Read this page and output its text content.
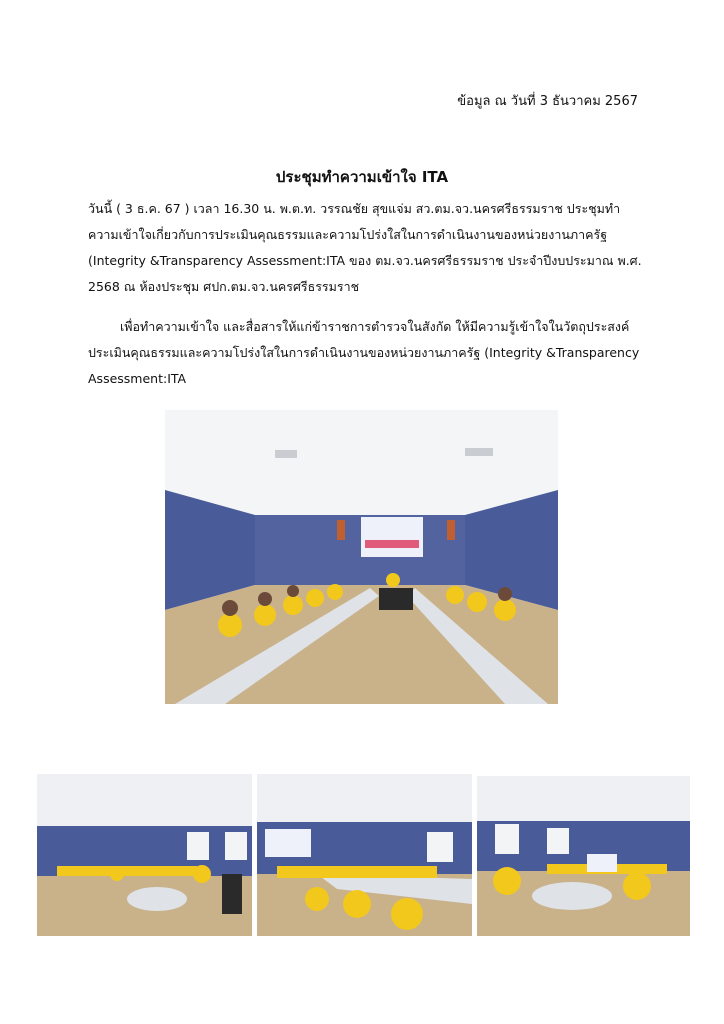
ข้อมูล ณ วันที่ 3 ธันวาคม 2567
ประชุมทำความเข้าใจ ITA
วันนี้ ( 3 ธ.ค. 67 ) เวลา 16.30 น. พ.ต.ท. วรรณชัย สุขแจ่ม สว.ตม.จว.นครศรีธรรมราช ประชุมทำ
ความเข้าใจเกี่ยวกับการประเมินคุณธรรมและความโปร่งใสในการดำเนินงานของหน่วยงานภาครัฐ
(Integrity &Transparency Assessment:ITA ของ ตม.จว.นครศรีธรรมราช ประจำปีงบประมาณ พ.ศ.
2568 ณ ห้องประชุม ศปก.ตม.จว.นครศรีธรรมราช
เพื่อทำความเข้าใจ และสื่อสารให้แก่ข้าราชการตำรวจในสังกัด ให้มีความรู้เข้าใจในวัตถุประสงค์
ประเมินคุณธรรมและความโปร่งใสในการดำเนินงานของหน่วยงานภาครัฐ (Integrity &Transparency
Assessment:ITA
